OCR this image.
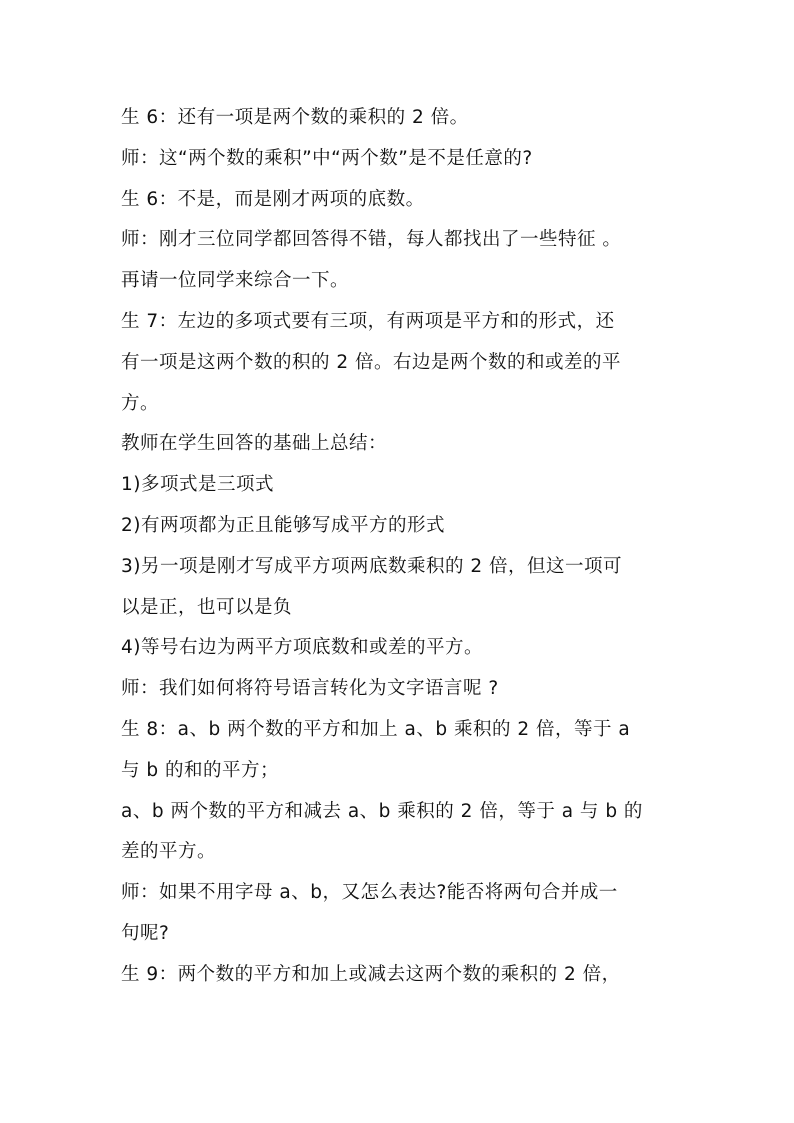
生 6：还有一项是两个数的乘积的 2 倍。
师：这“两个数的乘积”中“两个数”是不是任意的?
生 6：不是，而是刚才两项的底数。
师：刚才三位同学都回答得不错，每人都找出了一些特征 。
再请一位同学来综合一下。
生 7：左边的多项式要有三项，有两项是平方和的形式，还
有一项是这两个数的积的 2 倍。右边是两个数的和或差的平
方。
教师在学生回答的基础上总结：
1)多项式是三项式
2)有两项都为正且能够写成平方的形式
3)另一项是刚才写成平方项两底数乘积的 2 倍，但这一项可
以是正，也可以是负
4)等号右边为两平方项底数和或差的平方。
师：我们如何将符号语言转化为文字语言呢 ?
生 8：a、b 两个数的平方和加上 a、b 乘积的 2 倍，等于 a
与 b 的和的平方；
a、b 两个数的平方和减去 a、b 乘积的 2 倍，等于 a 与 b 的
差的平方。
师：如果不用字母 a、b，又怎么表达?能否将两句合并成一
句呢?
生 9：两个数的平方和加上或减去这两个数的乘积的 2 倍，
